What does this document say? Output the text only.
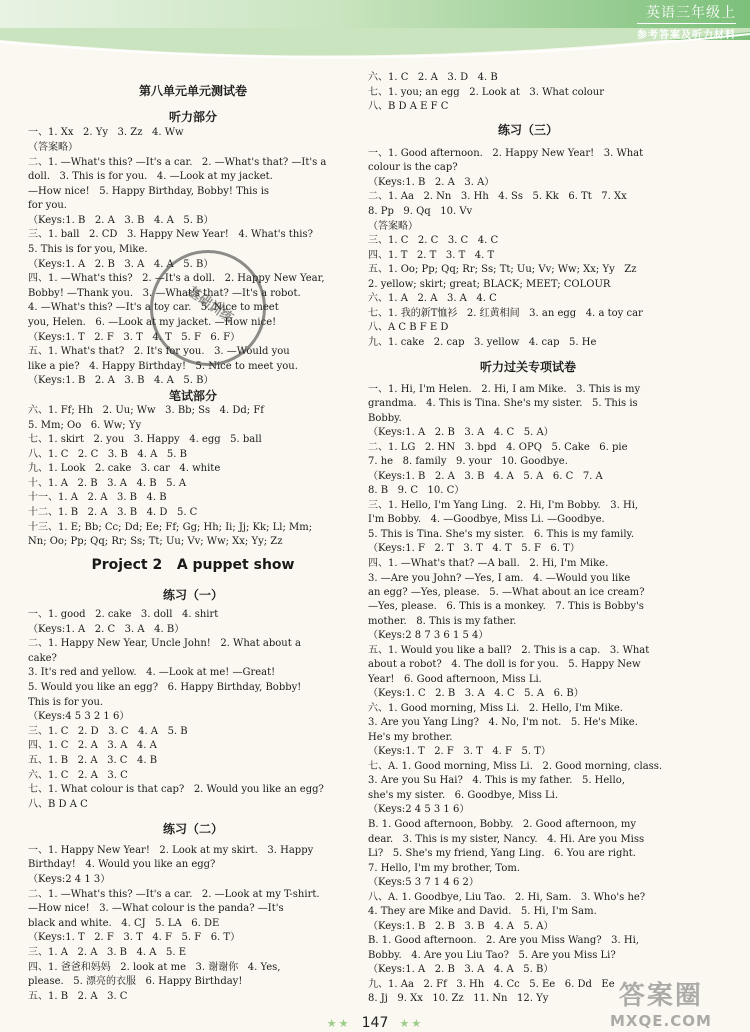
英语三年级上
参考答案及听力材料
第八单元单元测试卷
听力部分
一、1. Xx   2. Yy   3. Zz   4. Ww
（答案略）
二、1. —What's this? —It's a car.   2. —What's that? —It's a
doll.   3. This is for you.   4. —Look at my jacket.
—How nice!   5. Happy Birthday, Bobby! This is
for you.
（Keys:1. B   2. A   3. B   4. A   5. B）
三、1. ball   2. CD   3. Happy New Year!   4. What's this?
5. This is for you, Mike.
（Keys:1. A   2. B   3. A   4. A   5. B）
四、1. —What's this?   2. —It's a doll.   2. Happy New Year,
Bobby! —Thank you.   3. —What's that? —It's a robot.
4. —What's this? —It's a toy car.   5. Nice to meet
you, Helen.   6. —Look at my jacket. —How nice!
（Keys:1. T   2. F   3. T   4. T   5. F   6. F）
五、1. What's that?   2. It's for you.   3. —Would you
like a pie?   4. Happy Birthday!   5. Nice to meet you.
（Keys:1. B   2. A   3. B   4. A   5. B）
笔试部分
六、1. Ff; Hh   2. Uu; Ww   3. Bb; Ss   4. Dd; Ff
5. Mm; Oo   6. Ww; Yy
七、1. skirt   2. you   3. Happy   4. egg   5. ball
八、1. C   2. C   3. B   4. A   5. B
九、1. Look   2. cake   3. car   4. white
十、1. A   2. B   3. A   4. B   5. A
十一、1. A   2. A   3. B   4. B
十二、1. B   2. A   3. B   4. D   5. C
十三、1. E; Bb; Cc; Dd; Ee; Ff; Gg; Hh; Ii; Jj; Kk; Ll; Mm;
Nn; Oo; Pp; Qq; Rr; Ss; Tt; Uu; Vv; Ww; Xx; Yy; Zz
Project 2   A puppet show
练习（一）
一、1. good   2. cake   3. doll   4. shirt
（Keys:1. A   2. C   3. A   4. B）
二、1. Happy New Year, Uncle John!   2. What about a
cake?
3. It's red and yellow.   4. —Look at me! —Great!
5. Would you like an egg?   6. Happy Birthday, Bobby!
This is for you.
（Keys:4 5 3 2 1 6）
三、1. C   2. D   3. C   4. A   5. B
四、1. C   2. A   3. A   4. A
五、1. B   2. A   3. C   4. B
六、1. C   2. A   3. C
七、1. What colour is that cap?   2. Would you like an egg?
八、B D A C
练习（二）
一、1. Happy New Year!   2. Look at my skirt.   3. Happy
Birthday!   4. Would you like an egg?
（Keys:2 4 1 3）
二、1. —What's this? —It's a car.   2. —Look at my T-shirt.
—How nice!   3. —What colour is the panda? —It's
black and white.   4. CJ   5. LA   6. DE
（Keys:1. T   2. F   3. T   4. F   5. F   6. T）
三、1. A   2. A   3. B   4. A   5. E
四、1. 爸爸和妈妈   2. look at me   3. 谢谢你   4. Yes,
please.   5. 漂亮的衣服   6. Happy Birthday!
五、1. B   2. A   3. C
六、1. C   2. A   3. D   4. B
七、1. you; an egg   2. Look at   3. What colour
八、B D A E F C
练习（三）
一、1. Good afternoon.   2. Happy New Year!   3. What
colour is the cap?
（Keys:1. B   2. A   3. A）
二、1. Aa   2. Nn   3. Hh   4. Ss   5. Kk   6. Tt   7. Xx
8. Pp   9. Qq   10. Vv
（答案略）
三、1. C   2. C   3. C   4. C
四、1. T   2. T   3. T   4. T
五、1. Oo; Pp; Qq; Rr; Ss; Tt; Uu; Vv; Ww; Xx; Yy   Zz
2. yellow; skirt; great; BLACK; MEET; COLOUR
六、1. A   2. A   3. A   4. C
七、1. 我的新T恤衫   2. 红黄相间   3. an egg   4. a toy car
八、A C B F E D
九、1. cake   2. cap   3. yellow   4. cap   5. He
听力过关专项试卷
一、1. Hi, I'm Helen.   2. Hi, I am Mike.   3. This is my
grandma.   4. This is Tina. She's my sister.   5. This is
Bobby.
（Keys:1. A   2. B   3. A   4. C   5. A）
二、1. LG   2. HN   3. bpd   4. OPQ   5. Cake   6. pie
7. he   8. family   9. your   10. Goodbye.
（Keys:1. B   2. A   3. B   4. A   5. A   6. C   7. A
8. B   9. C   10. C）
三、1. Hello, I'm Yang Ling.   2. Hi, I'm Bobby.   3. Hi,
I'm Bobby.   4. —Goodbye, Miss Li. —Goodbye.
5. This is Tina. She's my sister.   6. This is my family.
（Keys:1. F   2. T   3. T   4. T   5. F   6. T）
四、1. —What's that? —A ball.   2. Hi, I'm Mike.
3. —Are you John? —Yes, I am.   4. —Would you like
an egg? —Yes, please.   5. —What about an ice cream?
—Yes, please.   6. This is a monkey.   7. This is Bobby's
mother.   8. This is my father.
（Keys:2 8 7 3 6 1 5 4）
五、1. Would you like a ball?   2. This is a cap.   3. What
about a robot?   4. The doll is for you.   5. Happy New
Year!   6. Good afternoon, Miss Li.
（Keys:1. C   2. B   3. A   4. C   5. A   6. B）
六、1. Good morning, Miss Li.   2. Hello, I'm Mike.
3. Are you Yang Ling?   4. No, I'm not.   5. He's Mike.
He's my brother.
（Keys:1. T   2. F   3. T   4. F   5. T）
七、A. 1. Good morning, Miss Li.   2. Good morning, class.
3. Are you Su Hai?   4. This is my father.   5. Hello,
she's my sister.   6. Goodbye, Miss Li.
（Keys:2 4 5 3 1 6）
B. 1. Good afternoon, Bobby.   2. Good afternoon, my
dear.   3. This is my sister, Nancy.   4. Hi. Are you Miss
Li?   5. She's my friend, Yang Ling.   6. You are right.
7. Hello, I'm my brother, Tom.
（Keys:5 3 7 1 4 6 2）
八、A. 1. Goodbye, Liu Tao.   2. Hi, Sam.   3. Who's he?
4. They are Mike and David.   5. Hi, I'm Sam.
（Keys:1. B   2. B   3. B   4. A   5. A）
B. 1. Good afternoon.   2. Are you Miss Wang?   3. Hi,
Bobby.   4. Are you Liu Tao?   5. Are you Miss Li?
（Keys:1. A   2. B   3. A   4. A   5. B）
九、1. Aa   2. Ff   3. Hh   4. Cc   5. Ee   6. Dd   Ee
8. Jj   9. Xx   10. Zz   11. Nn   12. Yy
基础训练
答案圈
MXQE.COM
★★ 147 ★★
